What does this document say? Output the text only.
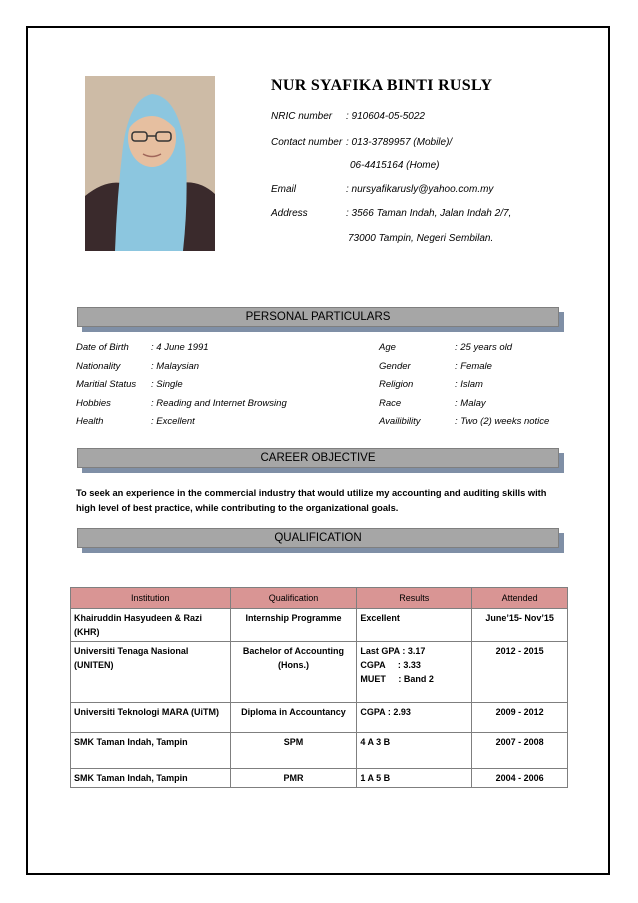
NUR SYAFIKA BINTI RUSLY
NRIC number : 910604-05-5022
Contact number : 013-3789957 (Mobile)/
06-4415164 (Home)
Email	: nursyafikarusly@yahoo.com.my
Address	: 3566 Taman Indah, Jalan Indah 2/7,
73000 Tampin, Negeri Sembilan.
PERSONAL PARTICULARS
Date of Birth : 4 June 1991
Nationality	: Malaysian
Maritial Status : Single
Hobbies	: Reading and Internet Browsing
Health	: Excellent
Age	: 25 years old
Gender	: Female
Religion	: Islam
Race	: Malay
Availibility	: Two (2) weeks notice
CAREER OBJECTIVE
To seek an experience in the commercial industry that would utilize my accounting and auditing skills with high level of best practice, while contributing to the organizational goals.
QUALIFICATION
Institution	Qualification	Results	Attended
Khairuddin Hasyudeen & Razi (KHR)	Internship Programme	Excellent	June’15- Nov’15
Universiti Tenaga Nasional (UNITEN)	Bachelor of Accounting (Hons.)	Last GPA : 3.17
CGPA     : 3.33
MUET     : Band 2	2012 - 2015
Universiti Teknologi MARA (UiTM)	Diploma in Accountancy	CGPA : 2.93	2009 - 2012
SMK Taman Indah, Tampin	SPM	4 A 3 B	2007 - 2008
SMK Taman Indah, Tampin	PMR	1 A 5 B	2004 - 2006
